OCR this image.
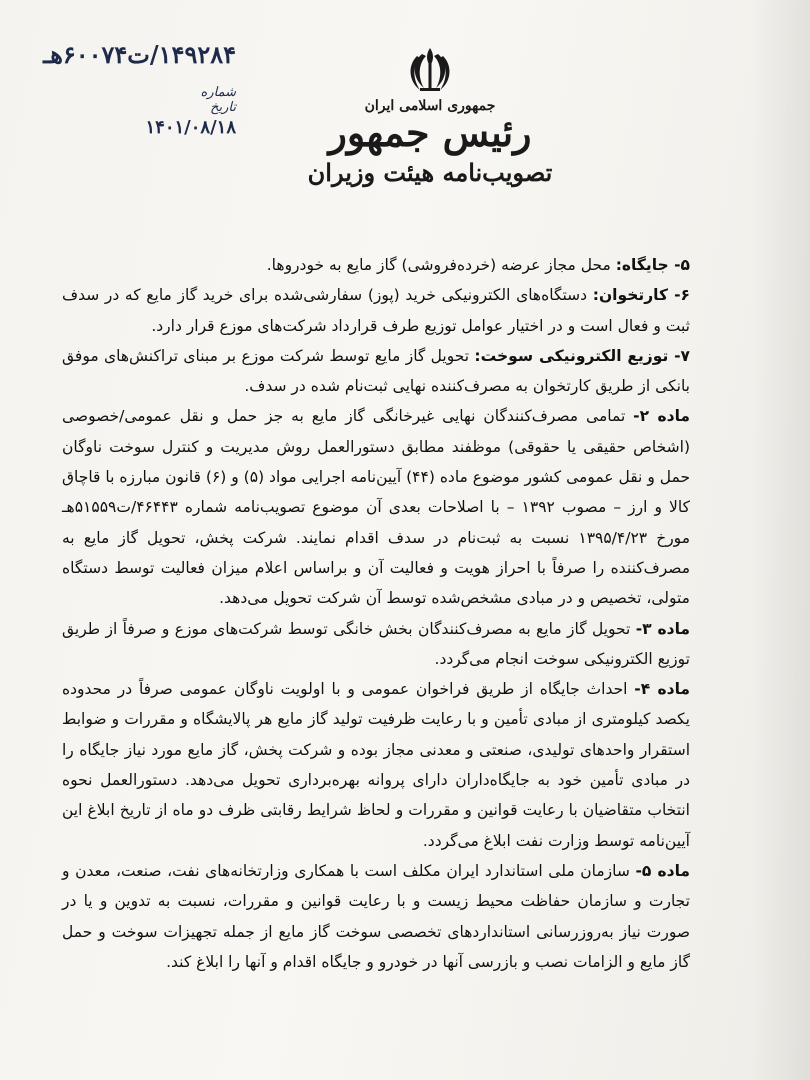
۱۴۹۲۸۴/ت۶۰۰۷۴هـ
شماره
تاریخ
۱۴۰۱/۰۸/۱۸
جمهوری اسلامی ایران
رئیس جمهور
تصویب‌نامه هیئت وزیران

۵- جایگاه: محل مجاز عرضه (خرده‌فروشی) گاز مایع به خودروها.

۶- کارتخوان: دستگاه‌های الکترونیکی خرید (پوز) سفارشی‌شده برای خرید گاز مایع که در سدف ثبت و فعال است و در اختیار عوامل توزیع طرف قرارداد شرکت‌های موزع قرار دارد.

۷- توزیع الکترونیکی سوخت: تحویل گاز مایع توسط شرکت موزع بر مبنای تراکنش‌های موفق بانکی از طریق کارتخوان به مصرف‌کننده نهایی ثبت‌نام شده در سدف.

ماده ۲- تمامی مصرف‌کنندگان نهایی غیرخانگی گاز مایع به جز حمل و نقل عمومی/خصوصی (اشخاص حقیقی یا حقوقی) موظفند مطابق دستورالعمل روش مدیریت و کنترل سوخت ناوگان حمل و نقل عمومی کشور موضوع ماده (۴۴) آیین‌نامه اجرایی مواد (۵) و (۶) قانون مبارزه با قاچاق کالا و ارز – مصوب ۱۳۹۲ – با اصلاحات بعدی آن موضوع تصویب‌نامه شماره ۴۶۴۴۳/ت۵۱۵۵۹هـ مورخ ۱۳۹۵/۴/۲۳ نسبت به ثبت‌نام در سدف اقدام نمایند. شرکت پخش، تحویل گاز مایع به مصرف‌کننده را صرفاً با احراز هویت و فعالیت آن و براساس اعلام میزان فعالیت توسط دستگاه متولی، تخصیص و در مبادی مشخص‌شده توسط آن شرکت تحویل می‌دهد.

ماده ۳- تحویل گاز مایع به مصرف‌کنندگان بخش خانگی توسط شرکت‌های موزع و صرفاً از طریق توزیع الکترونیکی سوخت انجام می‌گردد.

ماده ۴- احداث جایگاه از طریق فراخوان عمومی و با اولویت ناوگان عمومی صرفاً در محدوده یکصد کیلومتری از مبادی تأمین و با رعایت ظرفیت تولید گاز مایع هر پالایشگاه و مقررات و ضوابط استقرار واحدهای تولیدی، صنعتی و معدنی مجاز بوده و شرکت پخش، گاز مایع مورد نیاز جایگاه را در مبادی تأمین خود به جایگاه‌داران دارای پروانه بهره‌برداری تحویل می‌دهد. دستورالعمل نحوه انتخاب متقاضیان با رعایت قوانین و مقررات و لحاظ شرایط رقابتی ظرف دو ماه از تاریخ ابلاغ این آیین‌نامه توسط وزارت نفت ابلاغ می‌گردد.

ماده ۵- سازمان ملی استاندارد ایران مکلف است با همکاری وزارتخانه‌های نفت، صنعت، معدن و تجارت و سازمان حفاظت محیط زیست و با رعایت قوانین و مقررات، نسبت به تدوین و یا در صورت نیاز به‌روزرسانی استانداردهای تخصصی سوخت گاز مایع از جمله تجهیزات سوخت و حمل گاز مایع و الزامات نصب و بازرسی آنها در خودرو و جایگاه اقدام و آنها را ابلاغ کند.
